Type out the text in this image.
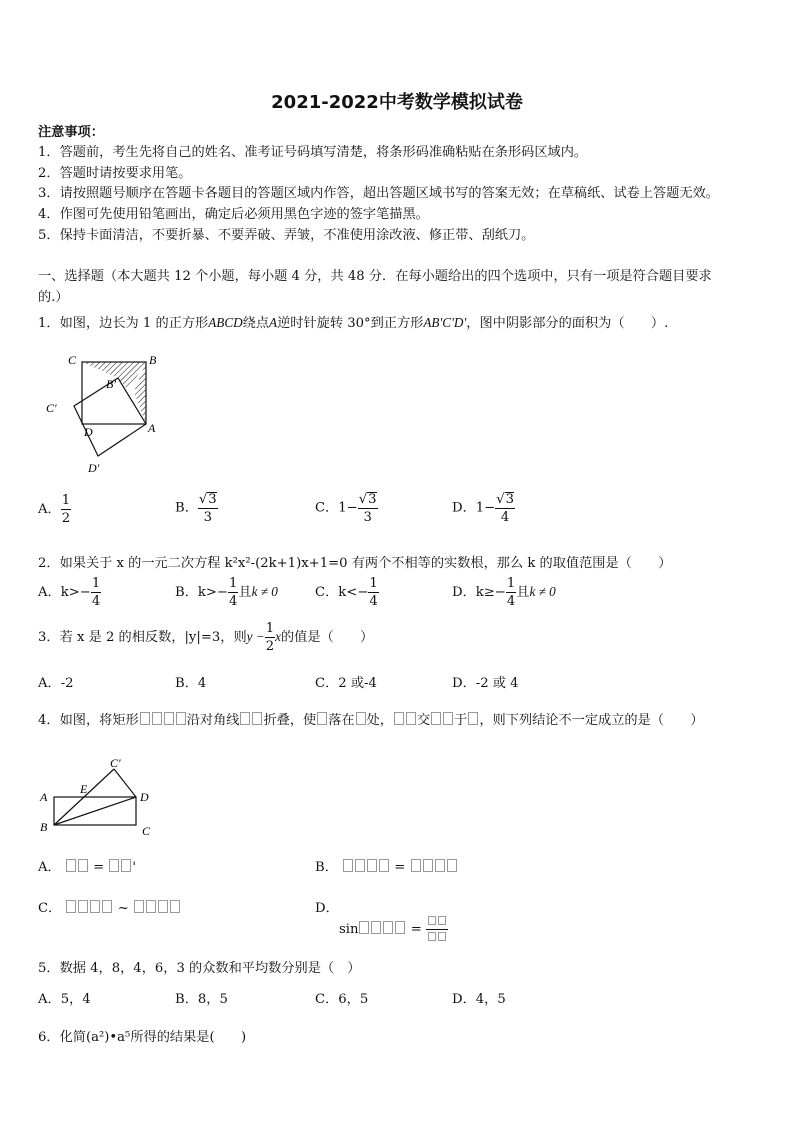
2021-2022中考数学模拟试卷
注意事项：
1．答题前，考生先将自己的姓名、准考证号码填写清楚，将条形码准确粘贴在条形码区域内。
2．答题时请按要求用笔。
3．请按照题号顺序在答题卡各题目的答题区域内作答，超出答题区域书写的答案无效；在草稿纸、试卷上答题无效。
4．作图可先使用铅笔画出，确定后必须用黑色字迹的签字笔描黑。
5．保持卡面清洁，不要折暴、不要弄破、弄皱，不准使用涂改液、修正带、刮纸刀。
一、选择题（本大题共 12 个小题，每小题 4 分，共 48 分．在每小题给出的四个选项中，只有一项是符合题目要求
的.）
1．如图，边长为 1 的正方形ABCD绕点A逆时针旋转 30°到正方形AB'C'D'，图中阴影部分的面积为（　　）.
C	B
B'
C'
D	A
D'
A． $\frac{1}{2}$	B． $\frac{√3}{3}$	C．$1- \frac{√3}{3}$	D．$1- \frac{√3}{4}$
2．如果关于 x 的一元二次方程 k²x²-(2k+1)x+1=0 有两个不相等的实数根，那么 k 的取值范围是（　　）
A．$k>- \frac{1}{4}$	B．$k>- \frac{1}{4}$ 且k ≠ 0	C．$k<- \frac{1}{4}$	D．$k\ge- \frac{1}{4}$ 且k ≠ 0
3．若 x 是 2 的相反数，|y|=3，则$y - \frac{1}{2}$ x的值是（　　）
A．-2	B．4	C．2 或-4	D．-2 或 4
4．如图，将矩形	沿对角线 折叠，使 落在 处， 交 于 ，则下列结论不一定成立的是（　　）
C'
E
A	D
B	C
A． = '	B．	=
C．	~	D．
sin	=
5．数据 4，8，4，6，3 的众数和平均数分别是（　）
A．5，4	B．8，5	C．6，5	D．4，5
6．化简(a²)•a⁵所得的结果是(　　)
